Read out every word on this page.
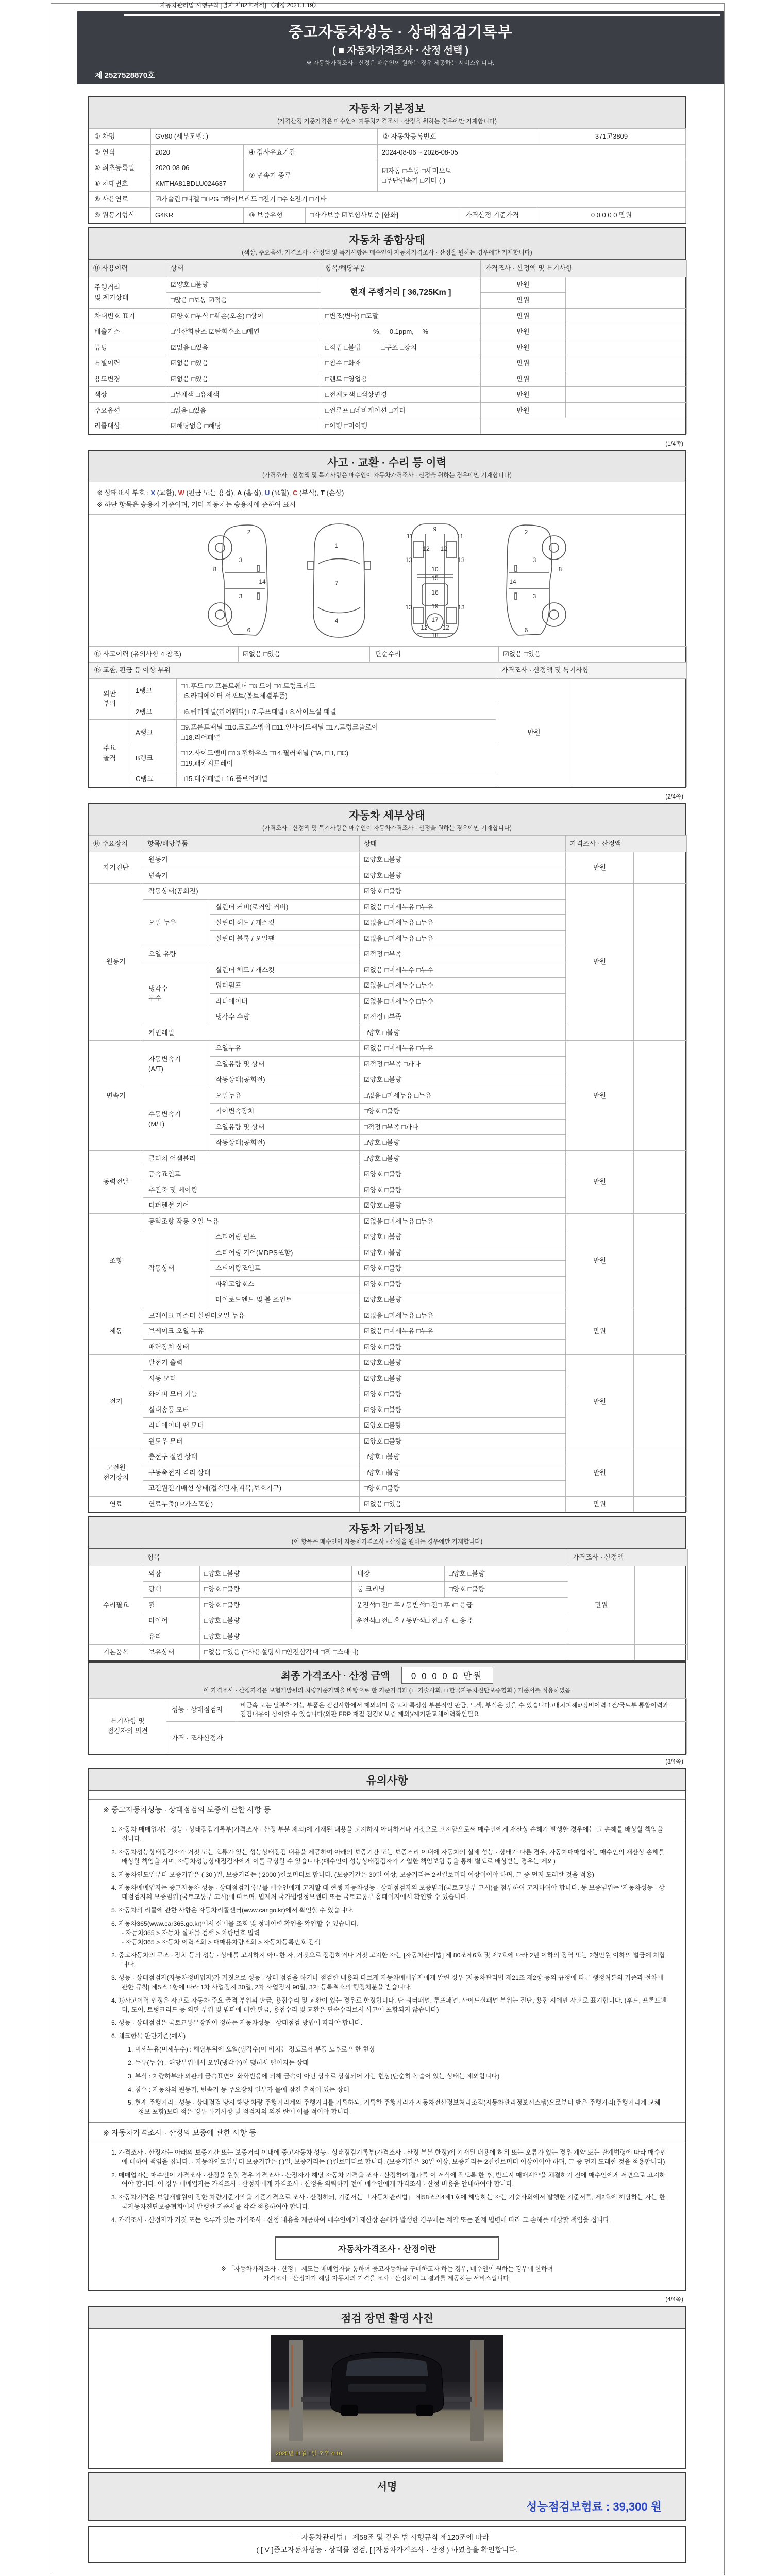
자동차관리법 시행규칙 [별지 제82호서식] 〈개정 2021.1.19〉
중고자동차성능 · 상태점검기록부
( ■ 자동차가격조사 · 산정 선택 )
※ 자동차가격조사 · 산정은 매수인이 원하는 경우 제공하는 서비스입니다.
제 2527528870호
자동차 기본정보
(가격산정 기준가격은 매수인이 자동차가격조사 · 산정을 원하는 경우에만 기재합니다)
① 차명	GV80 (세부모델: )			② 자동차등록번호		371고3809
③ 연식	2020	④ 검사유효기간		2024-08-06 ~ 2026-08-05		
⑤ 최초등록일	2020-08-06	⑦ 변속기 종류		☑자동 □수동 □세미오토
□무단변속기 □기타 ( )		
⑥ 차대번호	KMTHA81BDLU024637					
⑧ 사용연료	☑가솔린 □디젤 □LPG □하이브리드 □전기 □수소전기 □기타					
⑨ 원동기형식	G4KR	⑩ 보증유형	□자가보증 ☑보험사보증 [한화]		가격산정 기준가격	0 0 0 0 0 만원
자동차 종합상태
(색상, 주요옵션, 가격조사 · 산정액 및 특기사항은 매수인이 자동차가격조사 · 산정을 원하는 경우에만 기재합니다)
⑪ 사용이력	상태	항목/해당부품	가격조사 · 산정액 및 특기사항	
주행거리
및 계기상태	☑양호 □불량	현재 주행거리 [ 36,725Km ]	만원	
	□많음 □보통 ☑적음		만원	
차대번호 표기	☑양호 □부식 □훼손(오손) □상이	□변조(변타) □도말	만원	
배출가스	□일산화탄소 ☑탄화수소 □매연	%,　 0.1ppm,　 %	만원	
튜닝	☑없음 □있음	□적법 □불법　　　□구조 □장치	만원	
특별이력	☑없음 □있음	□침수 □화재	만원	
용도변경	☑없음 □있음	□렌트 □영업용	만원	
색상	□무채색 □유채색	□전체도색 □색상변경	만원	
주요옵션	□없음 □있음	□썬루프 □네비게이션 □기타	만원	
리콜대상	☑해당없음 □해당	□이행 □미이행		
(1/4쪽)
사고 · 교환 · 수리 등 이력
(가격조사 · 산정액 및 특기사항은 매수인이 자동차가격조사 · 산정을 원하는 경우에만 기재합니다)
※ 상태표시 부호 : X (교환), W (판금 또는 용접), A (흠집), U (요철), C (부식), T (손상)
※ 하단 항목은 승용차 기준이며, 기타 자동차는 승용차에 준하여 표시
2
8
3
14
3
6
1
7
4
9
11	11
12 12
13	13
10
15
16
13	13
19
17
12 12
18
2
8
3
14
3
6
⑫ 사고이력 (유의사항 4 참조)	☑없음 □있음	단순수리	☑없음 □있음
⑬ 교환, 판금 등 이상 부위			가격조사 · 산정액 및 특기사항	
외판
부위	1랭크	□1.후드 □2.프론트휀더 □3.도어 □4.트렁크리드
□5.라디에이터 서포트(볼트체결부품)	만원	
	2랭크	□6.쿼터패널(리어휀다) □7.루프패널 □8.사이드실 패널		
주요
골격	A랭크	□9.프론트패널 □10.크로스멤버 □11.인사이드패널 □17.트렁크플로어
□18.리어패널		
	B랭크	□12.사이드멤버 □13.휠하우스 □14.필러패널 (□A, □B, □C)
□19.패키지트레이		
	C랭크	□15.대쉬패널 □16.플로어패널		
(2/4쪽)
자동차 세부상태
(가격조사 · 산정액 및 특기사항은 매수인이 자동차가격조사 · 산정을 원하는 경우에만 기재합니다)
⑭ 주요장치	항목/해당부품		상태	가격조사 · 산정액	
자기진단	원동기		☑양호 □불량	만원	
	변속기		☑양호 □불량		
원동기	작동상태(공회전)		☑양호 □불량	만원	
	오일 누유	실린더 커버(로커암 커버)	☑없음 □미세누유 □누유		
		실린더 헤드 / 개스킷	☑없음 □미세누유 □누유		
		실린더 블록 / 오일팬	☑없음 □미세누유 □누유		
	오일 유량		☑적정 □부족		
	냉각수
누수	실린더 헤드 / 개스킷	☑없음 □미세누수 □누수		
		워터펌프	☑없음 □미세누수 □누수		
		라디에이터	☑없음 □미세누수 □누수		
		냉각수 수량	☑적정 □부족		
	커먼레일		□양호 □불량		
변속기	자동변속기
(A/T)	오일누유	☑없음 □미세누유 □누유	만원	
		오일유량 및 상태	☑적정 □부족 □과다		
		작동상태(공회전)	☑양호 □불량		
	수동변속기
(M/T)	오일누유	□없음 □미세누유 □누유		
		기어변속장치	□양호 □불량		
		오일유량 및 상태	□적정 □부족 □과다		
		작동상태(공회전)	□양호 □불량		
동력전달	클러치 어셈블리		□양호 □불량	만원	
	등속죠인트		☑양호 □불량		
	추진축 및 베어링		☑양호 □불량		
	디퍼렌셜 기어		☑양호 □불량		
조향	동력조향 작동 오일 누유		☑없음 □미세누유 □누유	만원	
	작동상태	스티어링 펌프	☑양호 □불량		
		스티어링 기어(MDPS포함)	☑양호 □불량		
		스티어링조인트	☑양호 □불량		
		파워고압호스	☑양호 □불량		
		타이로드엔드 및 볼 조인트	☑양호 □불량		
제동	브레이크 마스터 실린더오일 누유		☑없음 □미세누유 □누유	만원	
	브레이크 오일 누유		☑없음 □미세누유 □누유		
	배력장치 상태		☑양호 □불량		
전기	발전기 출력		☑양호 □불량	만원	
	시동 모터		☑양호 □불량		
	와이퍼 모터 기능		☑양호 □불량		
	실내송풍 모터		☑양호 □불량		
	라디에이터 팬 모터		☑양호 □불량		
	윈도우 모터		☑양호 □불량		
고전원
전기장치	충전구 절연 상태		□양호 □불량	만원	
	구동축전지 격리 상태		□양호 □불량		
	고전원전기배선 상태(접속단자,피복,보호기구)		□양호 □불량		
연료	연료누출(LP가스포함)		☑없음 □있음	만원	
자동차 기타정보
(이 항목은 매수인이 자동차가격조사 · 산정을 원하는 경우에만 기재합니다)
	항목				가격조사 · 산정액	
수리필요	외장	□양호 □불량	내장	□양호 □불량	만원	
	광택	□양호 □불량	룸 크리닝	□양호 □불량		
	휠	□양호 □불량	운전석□ 전□ 후 / 동반석□ 전□ 후 /□ 응급			
	타이어	□양호 □불량	운전석□ 전□ 후 / 동반석□ 전□ 후 /□ 응급			
	유리	□양호 □불량				
기본품목	보유상태	□없음 □있음 (□사용설명서 □안전삼각대 □잭 □스패너)				
최종 가격조사 · 산정 금액 0 0 0 0 0 만원
이 가격조사 · 산정가격은 보험개발원의 차량기준가액을 바탕으로 한 기준가격과 ( □ 기술사회, □ 한국자동차진단보증협회 ) 기준서를 적용하였음
특기사항 및
점검자의 의견	성능 · 상태점검자	비금속 또는 탈부착 가능 부품은 점검사항에서 제외되며 중고차 특성상 부분적인 판금, 도색, 부식은 있을 수 있습니다./내치피해x/정비이력 1건/국토부 통합이력과 점검내용이 상이할 수 있습니다(외판 FRP 재질 점검X 보증 제외)/계기판교체이력확인필요
	가격 · 조사산정자	
(3/4쪽)
유의사항
※ 중고자동차성능 · 상태점검의 보증에 관한 사항 등
1. 자동차 매매업자는 성능 · 상태점검기록부(가격조사 · 산정 부분 제외)에 기재된 내용을 고지하지 아니하거나 거짓으로 고지함으로써 매수인에게 재산상 손해가 발생한 경우에는 그 손해를 배상할 책임을 집니다.
2. 자동차성능상태점검자가 거짓 또는 오류가 있는 성능상태점검 내용을 제공하여 아래의 보증기간 또는 보증거리 이내에 자동차의 실제 성능 · 상태가 다른 경우, 자동차매매업자는 매수인의 재산상 손해를 배상할 책임을 지며, 자동차성능상태점검자에게 이를 구상할 수 있습니다.(매수인이 성능상태점검자가 가입한 책임보험 등을 통해 별도로 배상받는 경우는 제외)
3. 자동차인도일부터 보증기간은 ( 30 )일, 보증거리는 ( 2000 )킬로미터로 합니다. (보증기간은 30일 이상, 보증거리는 2천킬로미터 이상이어야 하며, 그 중 먼저 도래한 것을 적용)
4. 자동차매매업자는 중고자동차 성능 · 상태점검기록부를 매수인에게 고지할 때 현행 자동차성능 · 상태점검자의 보증범위(국토교통부 고시)를 첨부하여 고지하여야 합니다. 동 보증범위는 '자동차성능 · 상태점검자의 보증범위'(국토교통부 고시)에 따르며, 법제처 국가법령정보센터 또는 국토교통부 홈페이지에서 확인할 수 있습니다.
5. 자동차의 리콜에 관한 사항은 자동차리콜센터(www.car.go.kr)에서 확인할 수 있습니다.
6. 자동차365(www.car365.go.kr)에서 실매물 조회 및 정비이력 확인을 확인할 수 있습니다.
- 자동차365 > 자동차 실매물 검색 > 차량번호 입력
- 자동차365 > 자동차 이력조회 > 매매용차량조회 > 자동차등록번호 검색
2. 중고자동차의 구조 · 장치 등의 성능 · 상태를 고지하지 아니한 자, 거짓으로 점검하거나 거짓 고지한 자는 [자동차관리법] 제 80조제6호 및 제7호에 따라 2년 이하의 징역 또는 2천만원 이하의 벌금에 처합니다.
3. 성능 · 상태점검자(자동차정비업자)가 거짓으로 성능 · 상태 점검을 하거나 점검한 내용과 다르게 자동차매매업자에게 알린 경우 [자동차관리법 제21조 제2항 등의 규정에 따른 행정처분의 기준과 절차에 관한 규칙] 제5조 1항에 따라 1차 사업정지 30일, 2차 사업정지 90일, 3차 등록취소의 행정처분을 받습니다.
4. ⑫사고이력 인정은 사고로 자동차 주요 골격 부위의 판금, 용접수리 및 교환이 있는 경우로 한정합니다. 단 쿼터패널, 루프패널, 사이드실패널 부위는 절단, 용접 시에만 사고로 표기합니다. (후드, 프론트펜더, 도어, 트렁크리드 등 외판 부위 및 범퍼에 대한 판금, 용접수리 및 교환은 단순수리로서 사고에 포함되지 않습니다)
5. 성능 · 상태점검은 국토교통부장관이 정하는 자동차성능 · 상태점검 방법에 따라야 합니다.
6. 체크항목 판단기준(예시)
1. 미세누유(미세누수) : 해당부위에 오일(냉각수)이 비치는 정도로서 부품 노후로 인한 현상
2. 누유(누수) : 해당부위에서 오일(냉각수)이 맺혀서 떨어지는 상태
3. 부식 : 차량하부와 외판의 금속표면이 화학반응에 의해 금속이 아닌 상태로 상실되어 가는 현상(단순히 녹슬어 있는 상태는 제외합니다)
4. 침수 : 자동차의 원동기, 변속기 등 주요장치 일부가 물에 잠긴 흔적이 있는 상태
5. 현재 주행거리 : 성능 · 상태점검 당시 해당 차량 주행거리계의 주행거리를 기록하되, 기록한 주행거리가 자동차전산정보처리조직(자동차관리정보시스템)으로부터 받은 주행거리(주행거리계 교체 정보 포함)보다 적은 경우 특기사항 및 점검자의 의견 란에 이를 적어야 합니다.
※ 자동차가격조사 · 산정의 보증에 관한 사항 등
1. 가격조사 · 산정자는 아래의 보증기간 또는 보증거리 이내에 중고자동차 성능 · 상태점검기록부(가격조사 · 산정 부분 한정)에 기재된 내용에 허위 또는 오류가 있는 경우 계약 또는 관계법령에 따라 매수인에 대하여 책임을 집니다. · 자동차인도일부터 보증기간은 ( )일, 보증거리는 ( )킬로미터로 합니다. (보증기간은 30일 이상, 보증거리는 2천킬로미터 이상이어야 하며, 그 중 먼저 도래한 것을 적용합니다)
2. 매매업자는 매수인이 가격조사 · 산정을 원할 경우 가격조사 · 산정자가 해당 자동차 가격을 조사 · 산정하여 결과를 이 서식에 적도록 한 후, 반드시 매매계약을 체결하기 전에 매수인에게 서면으로 고지하여야 합니다. 이 경우 매매업자는 가격조사 · 산정자에게 가격조사 · 산정을 의뢰하기 전에 매수인에게 가격조사 · 산정 비용을 안내하여야 합니다.
3. 자동차가격은 보험개발원이 정한 차량기준가액을 기준가격으로 조사 · 산정하되, 기준서는 「자동차관리법」 제58조의4제1호에 해당하는 자는 기술사회에서 발행한 기준서를, 제2호에 해당하는 자는 한국자동차진단보증협회에서 발행한 기준서를 각각 적용하여야 합니다.
4. 가격조사 · 산정자가 거짓 또는 오류가 있는 가격조사 · 산정 내용을 제공하여 매수인에게 재산상 손해가 발생한 경우에는 계약 또는 관계 법령에 따라 그 손해를 배상할 책임을 집니다.
자동차가격조사 · 산정이란
※ 「자동차가격조사 · 산정」 제도는 매매업자를 통하여 중고자동차를 구매하고자 하는 경우, 매수인이 원하는 경우에 한하여
가격조사 · 산정자가 해당 자동차의 가격을 조사 · 산정하여 그 결과를 제공하는 서비스입니다.
(4/4쪽)
점검 장면 촬영 사진
2025년 11월 1일 오후 4:10
서명
성능점검보험료 : 39,300 원
「 「자동차관리법」 제58조 및 같은 법 시행규칙 제120조에 따라
( [ V ]중고자동차성능 · 상태를 점검, [ ]자동차가격조사 · 산정 ) 하였음을 확인합니다.
